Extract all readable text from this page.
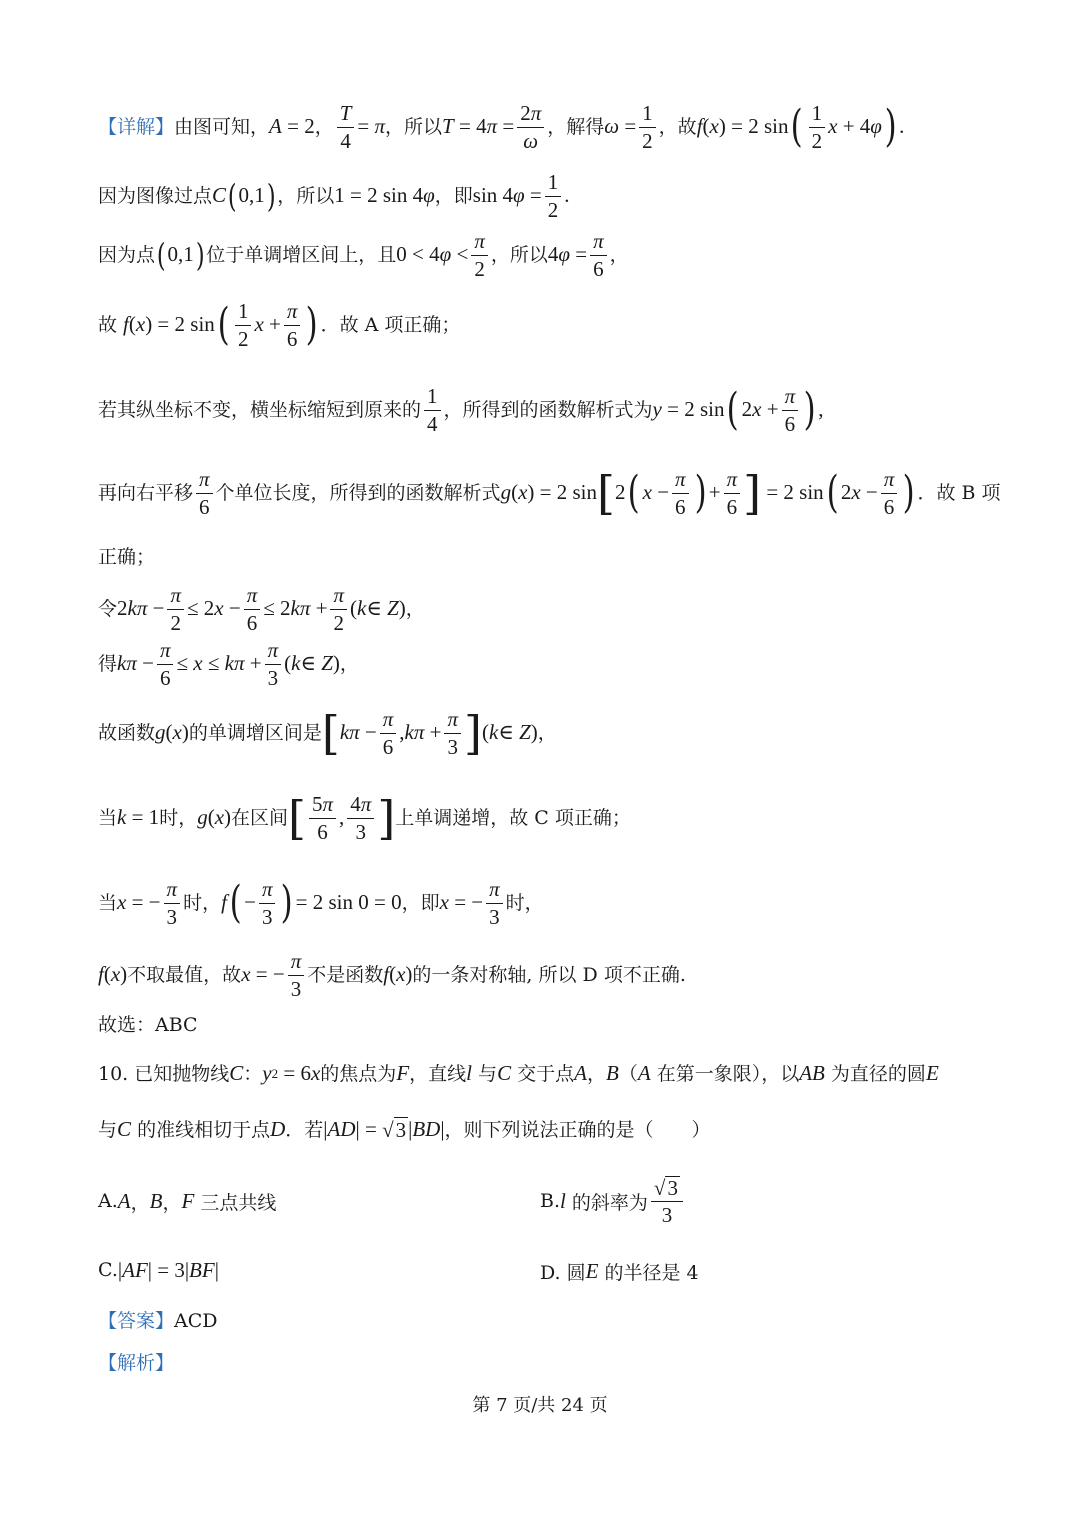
【详解】 由图可知， A = 2 ， $\frac{T}{4} = \pi$ ，所以 T = 4 $\pi = \frac{2\pi}{\omega}$ ，解得 $\omega = \frac{1}{2}$ ，故 f ( x ) = 2 sin ( $\frac{1}{2}$ x + 4 φ ) .
因为图像过点 C ( 0,1 ) ，所以 1 = 2 sin 4 φ ，即 sin 4 $\varphi = \frac{1}{2}$ .
因为点 ( 0,1 ) 位于单调增区间上，且 0 < 4 $\varphi < \frac{\pi}{2}$ ，所以 4 $\varphi = \frac{\pi}{6}$ ，
故 f ( x ) = 2 sin ( $\frac{1}{2}$ $x + \frac{\pi}{6}$ ) ．故 A 项正确；
若其纵坐标不变，横坐标缩短到原来的 $\frac{1}{4}$ ，所得到的函数解析式为 y = 2 sin ( 2 $x + \frac{\pi}{6}$ ) ,
再向右平移 $\frac{\pi}{6}$ 个单位长度，所得到的函数解析式 g ( x ) = 2 sin [ 2 ( $x - \frac{\pi}{6}$ ) + $\frac{\pi}{6}$ ] = 2 sin ( 2 $x - \frac{\pi}{6}$ ) ．故 B 项
正确；
令 2 $k\pi - \frac{\pi}{2} \le 2$ $x - \frac{\pi}{6} \le 2$ $k\pi + \frac{\pi}{2}$ ( k ∈ Z ) ，
得 $k\pi - \frac{\pi}{6} \le x \le k\pi + \frac{\pi}{3}$ ( k ∈ Z ) ，
故函数 g ( x ) 的单调增区间是 [ $k\pi - \frac{\pi}{6}$ , $k\pi + \frac{\pi}{3}$ ] ( k ∈ Z ) ，
当 k = 1 时， g ( x ) 在区间 [ $\frac{5\pi}{6}$ , $\frac{4\pi}{3}$ ] 上单调递增，故 C 项正确；
当 x = − $\frac{\pi}{3}$ 时， f ( − $\frac{\pi}{3}$ ) = 2 sin 0 = 0 ，即 x = − $\frac{\pi}{3}$ 时，
f ( x ) 不取最值，故 x = − $\frac{\pi}{3}$ 不是函数 f ( x ) 的一条对称轴, 所以 D 项不正确.
故选：ABC
10. 已知抛物线 C ： y 2 = 6 x 的焦点为 F ，直线 l
与 C
交于点 A ， B （ A
在第一象限），以 AB
为直径的圆 E
与 C
的准线相切于点 D ．若 | AD | = √ 3 | BD | ，则下列说法正确的是（　　）
A. A ， B ， F
三点共线	B. l
的斜率为 $\frac{√ 3}{3}$
C. | AF | = 3| BF |	D. 圆 E
的半径是 4
【答案】 ACD
【解析】
第 7 页/共 24 页
